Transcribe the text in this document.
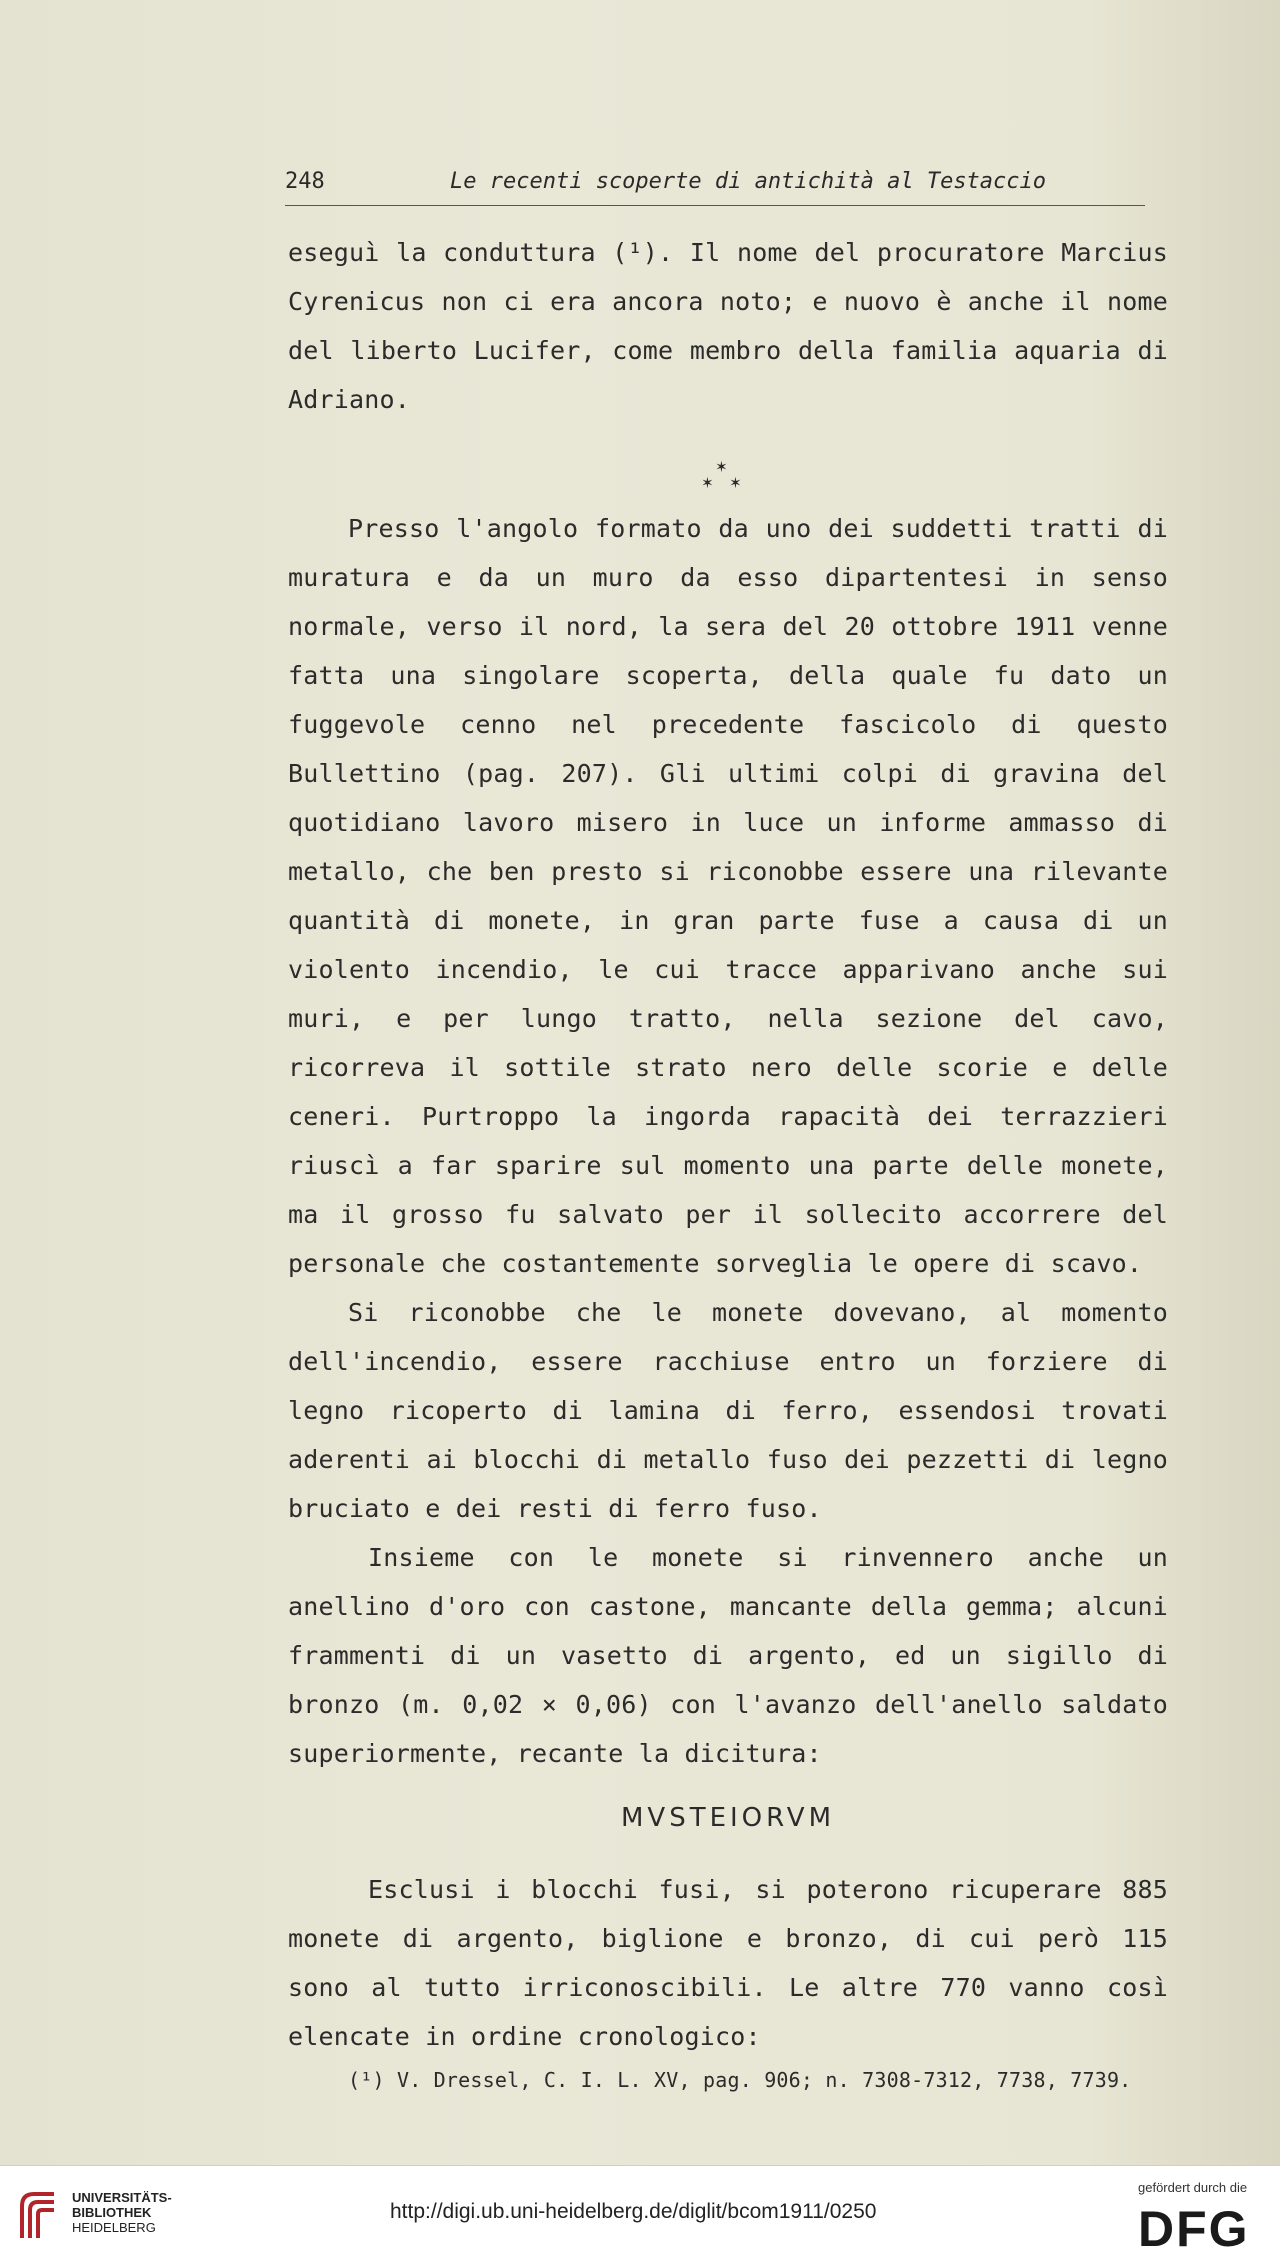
248	Le recenti scoperte di antichità al Testaccio

eseguì la conduttura (¹). Il nome del procuratore Marcius Cyrenicus non ci era ancora noto; e nuovo è anche il nome del liberto Lucifer, come membro della familia aquaria di Adriano.

✶
✶ ✶

Presso l'angolo formato da uno dei suddetti tratti di muratura e da un muro da esso dipartentesi in senso normale, verso il nord, la sera del 20 ottobre 1911 venne fatta una singolare scoperta, della quale fu dato un fuggevole cenno nel precedente fascicolo di questo Bullettino (pag. 207). Gli ultimi colpi di gravina del quotidiano lavoro misero in luce un informe ammasso di metallo, che ben presto si riconobbe essere una rilevante quantità di monete, in gran parte fuse a causa di un violento incendio, le cui tracce apparivano anche sui muri, e per lungo tratto, nella sezione del cavo, ricorreva il sottile strato nero delle scorie e delle ceneri. Purtroppo la ingorda rapacità dei terrazzieri riuscì a far sparire sul momento una parte delle monete, ma il grosso fu salvato per il sollecito accorrere del personale che costantemente sorveglia le opere di scavo.

Si riconobbe che le monete dovevano, al momento dell'incendio, essere racchiuse entro un forziere di legno ricoperto di lamina di ferro, essendosi trovati aderenti ai blocchi di metallo fuso dei pezzetti di legno bruciato e dei resti di ferro fuso.

Insieme con le monete si rinvennero anche un anellino d'oro con castone, mancante della gemma; alcuni frammenti di un vasetto di argento, ed un sigillo di bronzo (m. 0,02 × 0,06) con l'avanzo dell'anello saldato superiormente, recante la dicitura:

MVSTEIORVM

Esclusi i blocchi fusi, si poterono ricuperare 885 monete di argento, biglione e bronzo, di cui però 115 sono al tutto irriconoscibili. Le altre 770 vanno così elencate in ordine cronologico:

(¹) V. Dressel, C. I. L. XV, pag. 906; n. 7308-7312, 7738, 7739.

UNIVERSITÄTS-
BIBLIOTHEK
HEIDELBERG
http://digi.ub.uni-heidelberg.de/diglit/bcom1911/0250
gefördert durch die
DFG
